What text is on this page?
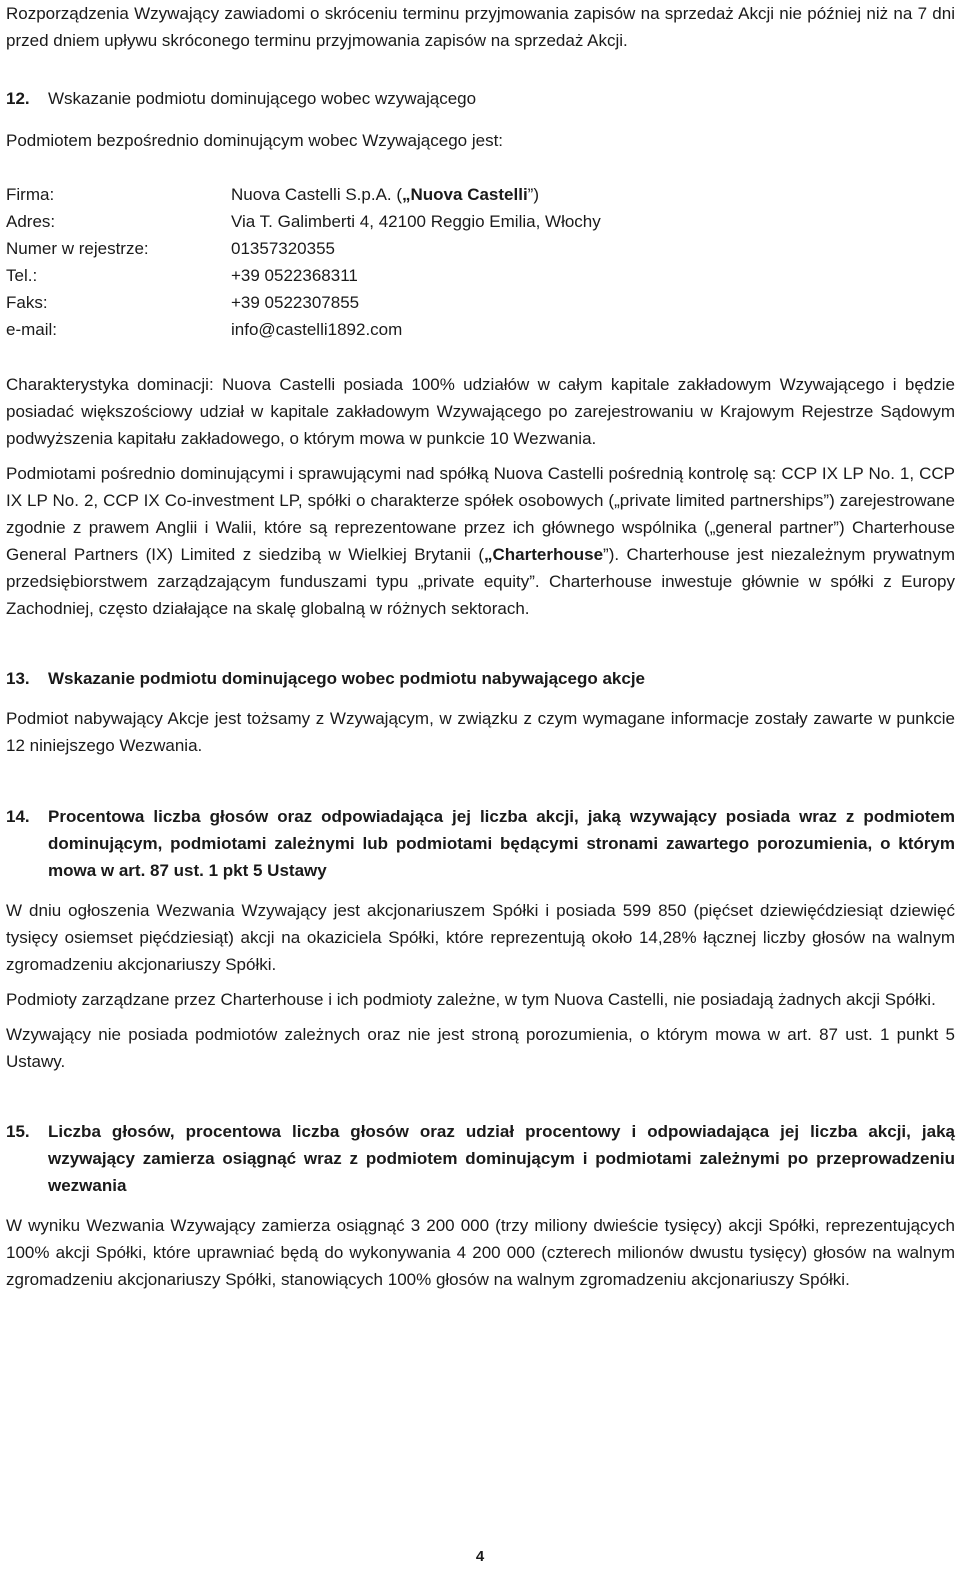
Rozporządzenia Wzywający zawiadomi o skróceniu terminu przyjmowania zapisów na sprzedaż Akcji nie później niż na 7 dni przed dniem upływu skróconego terminu przyjmowania zapisów na sprzedaż Akcji.

12.	Wskazanie podmiotu dominującego wobec wzywającego

Podmiotem bezpośrednio dominującym wobec Wzywającego jest:

Firma:	Nuova Castelli S.p.A. („Nuova Castelli”)
Adres:	Via T. Galimberti 4, 42100 Reggio Emilia, Włochy
Numer w rejestrze:	01357320355
Tel.:	+39 0522368311
Faks:	+39 0522307855
e-mail:	info@castelli1892.com

Charakterystyka dominacji: Nuova Castelli posiada 100% udziałów w całym kapitale zakładowym Wzywającego i będzie posiadać większościowy udział w kapitale zakładowym Wzywającego po zarejestrowaniu w Krajowym Rejestrze Sądowym podwyższenia kapitału zakładowego, o którym mowa w punkcie 10 Wezwania.

Podmiotami pośrednio dominującymi i sprawującymi nad spółką Nuova Castelli pośrednią kontrolę są: CCP IX LP No. 1, CCP IX LP No. 2, CCP IX Co-investment LP, spółki o charakterze spółek osobowych („private limited partnerships”) zarejestrowane zgodnie z prawem Anglii i Walii, które są reprezentowane przez ich głównego wspólnika („general partner”) Charterhouse General Partners (IX) Limited z siedzibą w Wielkiej Brytanii („Charterhouse”). Charterhouse jest niezależnym prywatnym przedsiębiorstwem zarządzającym funduszami typu „private equity”. Charterhouse inwestuje głównie w spółki z Europy Zachodniej, często działające na skalę globalną w różnych sektorach.

13.	Wskazanie podmiotu dominującego wobec podmiotu nabywającego akcje

Podmiot nabywający Akcje jest tożsamy z Wzywającym, w związku z czym wymagane informacje zostały zawarte w punkcie 12 niniejszego Wezwania.

14.	Procentowa liczba głosów oraz odpowiadająca jej liczba akcji, jaką wzywający posiada wraz z podmiotem dominującym, podmiotami zależnymi lub podmiotami będącymi stronami zawartego porozumienia, o którym mowa w art. 87 ust. 1 pkt 5 Ustawy

W dniu ogłoszenia Wezwania Wzywający jest akcjonariuszem Spółki i posiada 599 850 (pięćset dziewięćdziesiąt dziewięć tysięcy osiemset pięćdziesiąt) akcji na okaziciela Spółki, które reprezentują około 14,28% łącznej liczby głosów na walnym zgromadzeniu akcjonariuszy Spółki.

Podmioty zarządzane przez Charterhouse i ich podmioty zależne, w tym Nuova Castelli, nie posiadają żadnych akcji Spółki.

Wzywający nie posiada podmiotów zależnych oraz nie jest stroną porozumienia, o którym mowa w art. 87 ust. 1 punkt 5 Ustawy.

15.	Liczba głosów, procentowa liczba głosów oraz udział procentowy i odpowiadająca jej liczba akcji, jaką wzywający zamierza osiągnąć wraz z podmiotem dominującym i podmiotami zależnymi po przeprowadzeniu wezwania

W wyniku Wezwania Wzywający zamierza osiągnąć 3 200 000 (trzy miliony dwieście tysięcy) akcji Spółki, reprezentujących 100% akcji Spółki, które uprawniać będą do wykonywania 4 200 000 (czterech milionów dwustu tysięcy) głosów na walnym zgromadzeniu akcjonariuszy Spółki, stanowiących 100% głosów na walnym zgromadzeniu akcjonariuszy Spółki.

4
